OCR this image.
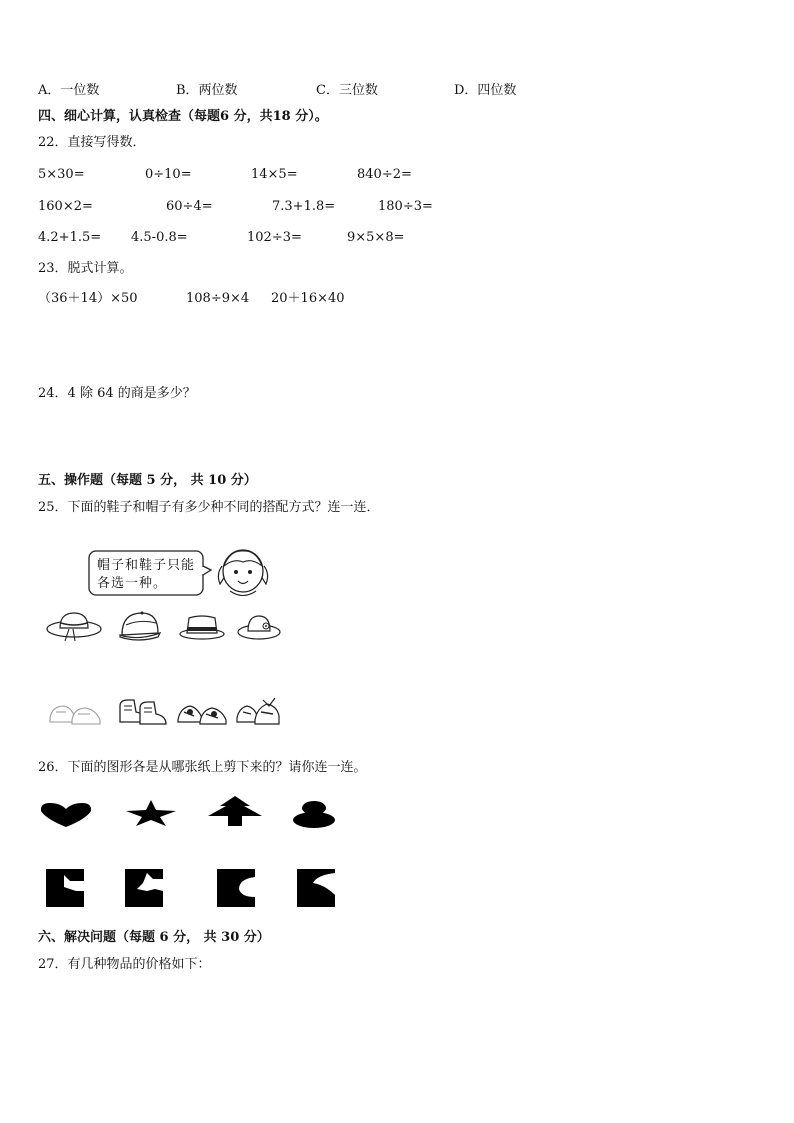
A．一位数	B．两位数	C．三位数	D．四位数
四、细心计算，认真检查（每题6 分，共18 分）。
22．直接写得数．
5×30=	0÷10=	14×5=	840÷2=
160×2=	60÷4=	7.3+1.8=	180÷3=
4.2+1.5= 4.5-0.8=	102÷3=	9×5×8=
23．脱式计算。
（36＋14）×50	108÷9×4 20＋16×40
24．4 除 64 的商是多少？
五、操作题（每题 5 分， 共 10 分）
25．下面的鞋子和帽子有多少种不同的搭配方式？连一连．
帽子和鞋子只能
各选一种。
26．下面的图形各是从哪张纸上剪下来的？请你连一连。
六、解决问题（每题 6 分， 共 30 分）
27．有几种物品的价格如下：
